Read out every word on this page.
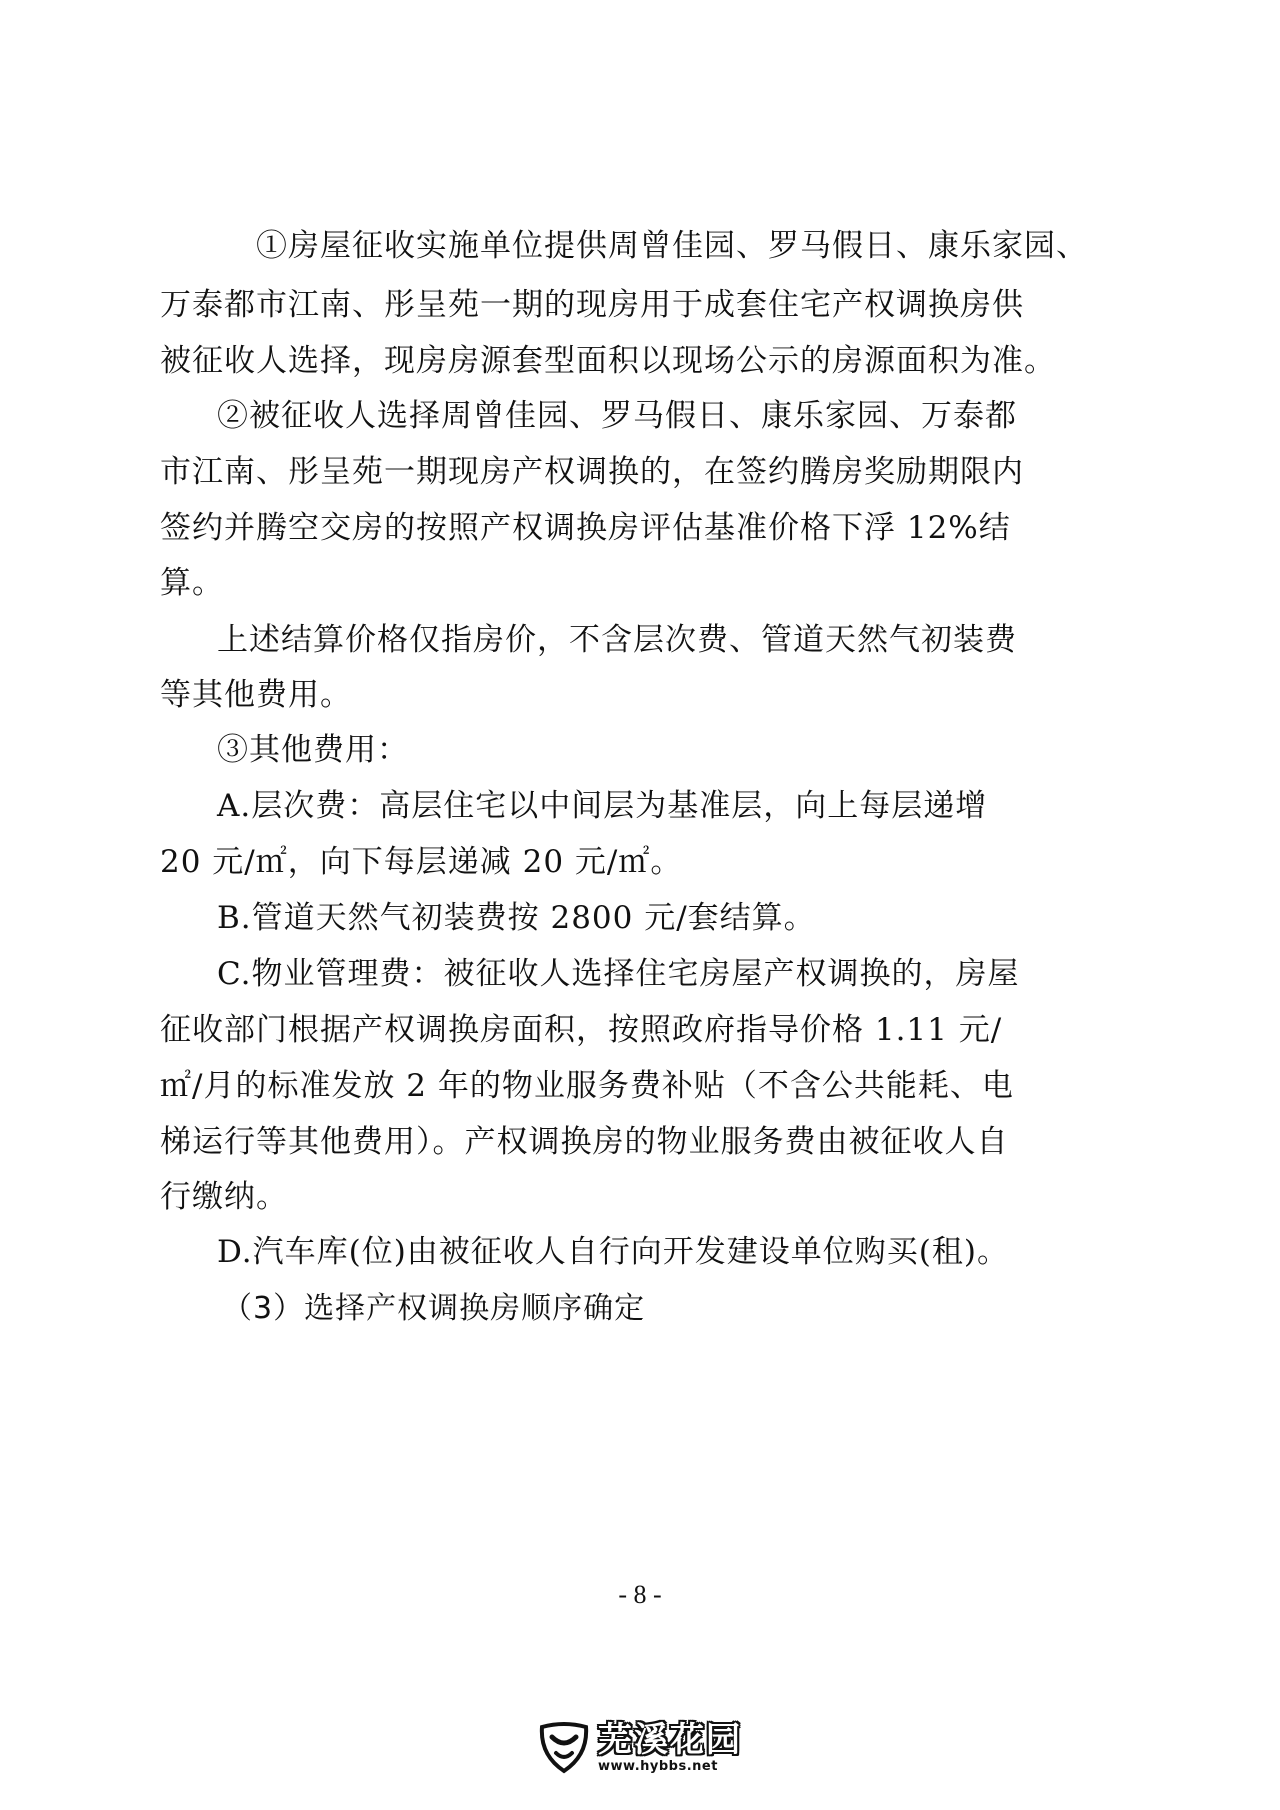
①房屋征收实施单位提供周曾佳园、罗马假日、康乐家园、

万泰都市江南、彤呈苑一期的现房用于成套住宅产权调换房供

被征收人选择，现房房源套型面积以现场公示的房源面积为准。

②被征收人选择周曾佳园、罗马假日、康乐家园、万泰都

市江南、彤呈苑一期现房产权调换的，在签约腾房奖励期限内

签约并腾空交房的按照产权调换房评估基准价格下浮 12%结

算。

上述结算价格仅指房价，不含层次费、管道天然气初装费

等其他费用。

③其他费用：

A.层次费：高层住宅以中间层为基准层，向上每层递增

20 元/㎡，向下每层递减 20 元/㎡。

B.管道天然气初装费按 2800 元/套结算。

C.物业管理费：被征收人选择住宅房屋产权调换的，房屋

征收部门根据产权调换房面积，按照政府指导价格 1.11 元/

㎡/月的标准发放 2 年的物业服务费补贴（不含公共能耗、电

梯运行等其他费用）。产权调换房的物业服务费由被征收人自

行缴纳。

D.汽车库(位)由被征收人自行向开发建设单位购买(租)。

（3）选择产权调换房顺序确定

- 8 -
芜溪花园
www.hybbs.net
